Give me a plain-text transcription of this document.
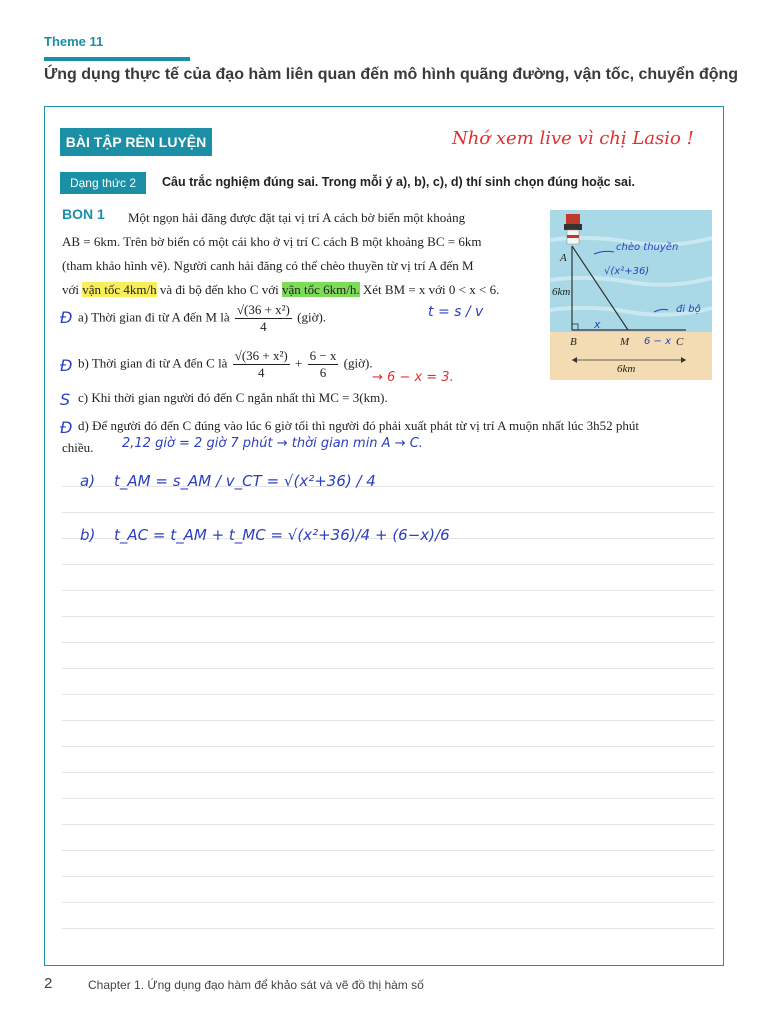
Theme 11
Ứng dụng thực tế của đạo hàm liên quan đến mô hình quãng đường, vận tốc, chuyển động
BÀI TẬP RÈN LUYỆN	Nhớ xem live vì chị Lasio !
Dạng thức 2	Câu trắc nghiệm đúng sai. Trong mỗi ý a), b), c), d) thí sinh chọn đúng hoặc sai.
BON 1	Một ngọn hải đăng được đặt tại vị trí A cách bờ biển một khoảng
AB = 6km. Trên bờ biển có một cái kho ở vị trí C cách B một khoảng BC = 6km
(tham khảo hình vẽ). Người canh hải đăng có thể chèo thuyền từ vị trí A đến M
với vận tốc 4km/h và đi bộ đến kho C với vận tốc 6km/h. Xét BM = x với 0 < x < 6.
A
6km
B	M	C
6km
chèo thuyền
√(x²+36)
đi bộ
x
6 − x
Đ a) Thời gian đi từ A đến M là $\frac{\text{√(36 + x²)}}{4}$ (giờ).	t = s / v
Đ b) Thời gian đi từ A đến C là $\frac{\text{√(36 + x²)}}{4} + \frac{6 - x}{6}$ (giờ).
→ 6 − x = 3.
S c) Khi thời gian người đó đến C ngắn nhất thì MC = 3(km).
Đ d) Để người đó đến C đúng vào lúc 6 giờ tối thì người đó phải xuất phát từ vị trí A muộn nhất lúc 3h52 phút
chiều. 2,12 giờ = 2 giờ 7 phút → thời gian min A → C.
a) t_AM = s_AM / v_CT = √(x²+36) / 4
b) t_AC = t_AM + t_MC = √(x²+36)/4 + (6−x)/6
2	Chapter 1. Ứng dụng đạo hàm để khảo sát và vẽ đồ thị hàm số
